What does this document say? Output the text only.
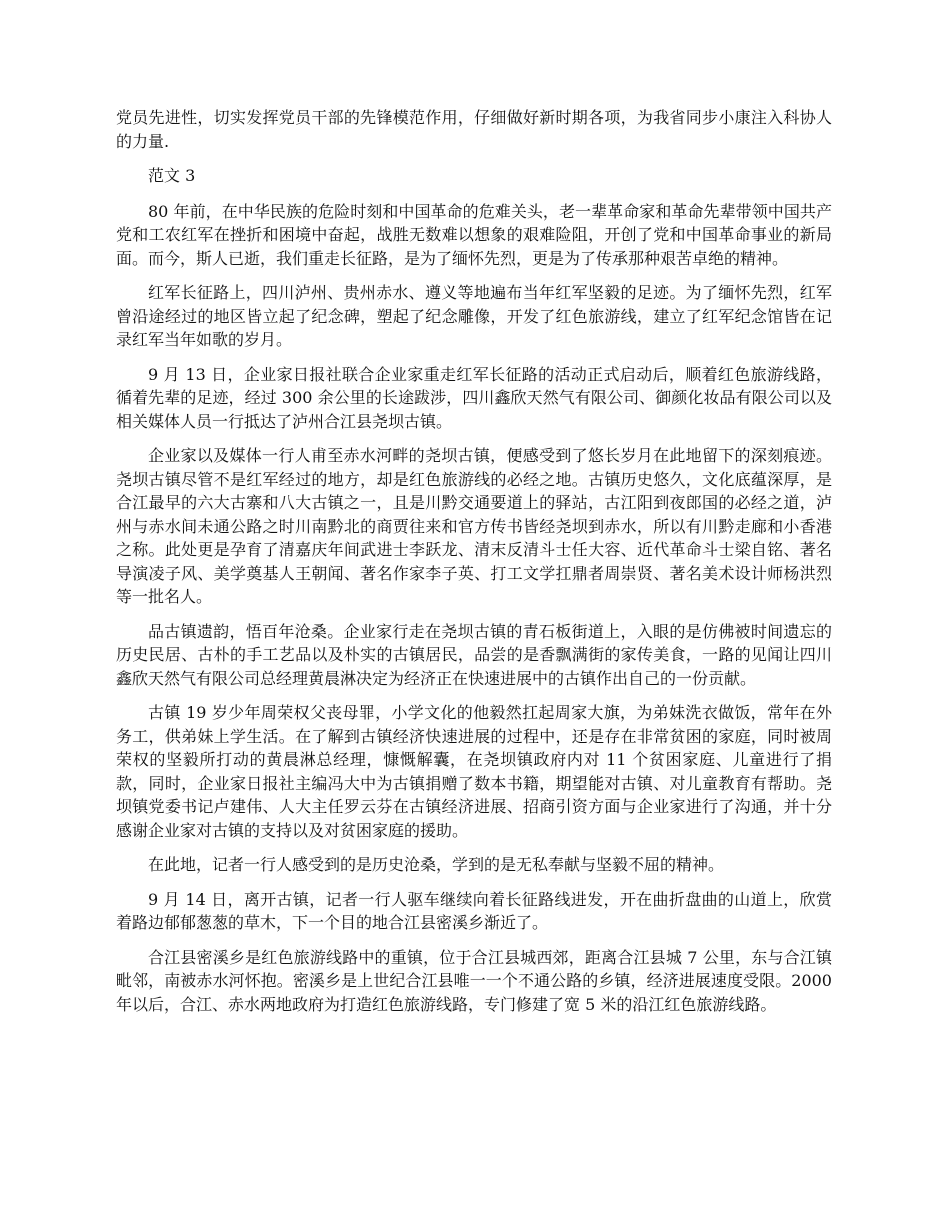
党员先进性，切实发挥党员干部的先锋模范作用，仔细做好新时期各项，为我省同步小康注入科协人的力量.

范文 3

80 年前，在中华民族的危险时刻和中国革命的危难关头，老一辈革命家和革命先辈带领中国共产党和工农红军在挫折和困境中奋起，战胜无数难以想象的艰难险阻，开创了党和中国革命事业的新局面。而今，斯人已逝，我们重走长征路，是为了缅怀先烈，更是为了传承那种艰苦卓绝的精神。

红军长征路上，四川泸州、贵州赤水、遵义等地遍布当年红军坚毅的足迹。为了缅怀先烈，红军曾沿途经过的地区皆立起了纪念碑，塑起了纪念雕像，开发了红色旅游线，建立了红军纪念馆皆在记录红军当年如歌的岁月。

9 月 13 日，企业家日报社联合企业家重走红军长征路的活动正式启动后，顺着红色旅游线路，循着先辈的足迹，经过 300 余公里的长途跋涉，四川鑫欣天然气有限公司、御颜化妆品有限公司以及相关媒体人员一行抵达了泸州合江县尧坝古镇。

企业家以及媒体一行人甫至赤水河畔的尧坝古镇，便感受到了悠长岁月在此地留下的深刻痕迹。尧坝古镇尽管不是红军经过的地方，却是红色旅游线的必经之地。古镇历史悠久，文化底蕴深厚，是合江最早的六大古寨和八大古镇之一，且是川黔交通要道上的驿站，古江阳到夜郎国的必经之道，泸州与赤水间未通公路之时川南黔北的商贾往来和官方传书皆经尧坝到赤水，所以有川黔走廊和小香港之称。此处更是孕育了清嘉庆年间武进士李跃龙、清末反清斗士任大容、近代革命斗士梁自铭、著名导演凌子风、美学奠基人王朝闻、著名作家李子英、打工文学扛鼎者周崇贤、著名美术设计师杨洪烈等一批名人。

品古镇遗韵，悟百年沧桑。企业家行走在尧坝古镇的青石板街道上，入眼的是仿佛被时间遗忘的历史民居、古朴的手工艺品以及朴实的古镇居民，品尝的是香飘满街的家传美食，一路的见闻让四川鑫欣天然气有限公司总经理黄晨淋决定为经济正在快速进展中的古镇作出自己的一份贡献。

古镇 19 岁少年周荣权父丧母罪，小学文化的他毅然扛起周家大旗，为弟妹洗衣做饭，常年在外务工，供弟妹上学生活。在了解到古镇经济快速进展的过程中，还是存在非常贫困的家庭，同时被周荣权的坚毅所打动的黄晨淋总经理，慷慨解囊，在尧坝镇政府内对 11 个贫困家庭、儿童进行了捐款，同时，企业家日报社主编冯大中为古镇捐赠了数本书籍，期望能对古镇、对儿童教育有帮助。尧坝镇党委书记卢建伟、人大主任罗云芬在古镇经济进展、招商引资方面与企业家进行了沟通，并十分感谢企业家对古镇的支持以及对贫困家庭的援助。

在此地，记者一行人感受到的是历史沧桑，学到的是无私奉献与坚毅不屈的精神。

9 月 14 日，离开古镇，记者一行人驱车继续向着长征路线进发，开在曲折盘曲的山道上，欣赏着路边郁郁葱葱的草木，下一个目的地合江县密溪乡渐近了。

合江县密溪乡是红色旅游线路中的重镇，位于合江县城西郊，距离合江县城 7 公里，东与合江镇毗邻，南被赤水河怀抱。密溪乡是上世纪合江县唯一一个不通公路的乡镇，经济进展速度受限。2000 年以后，合江、赤水两地政府为打造红色旅游线路，专门修建了宽 5 米的沿江红色旅游线路。
